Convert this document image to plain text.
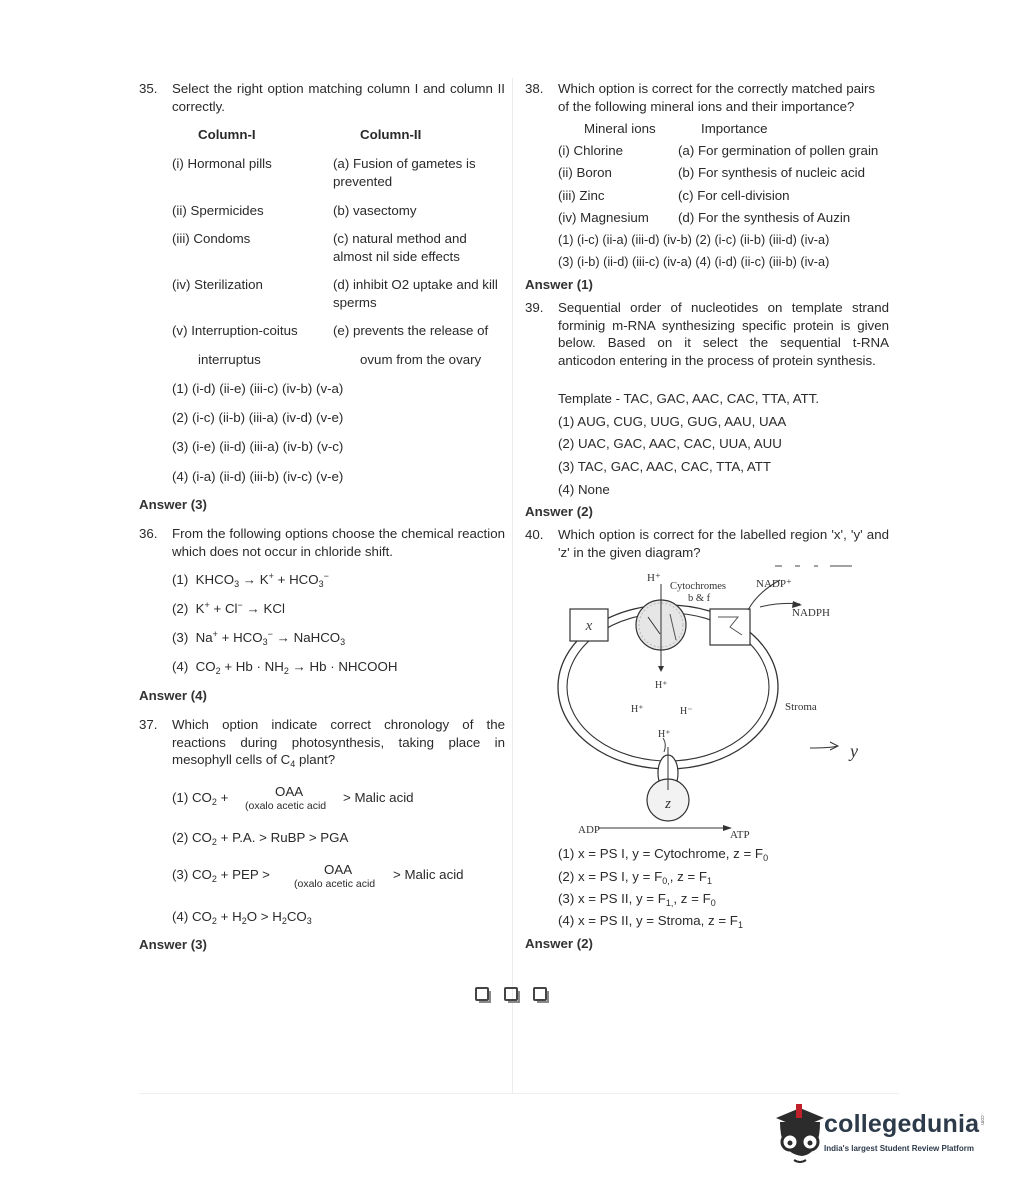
35.	Select the right option matching column I and column II correctly.
Column-I	Column-II
(i) Hormonal pills	(a) Fusion of gametes is prevented
(ii) Spermicides	(b) vasectomy
(iii) Condoms	(c) natural method and almost nil side effects
(iv) Sterilization	(d) inhibit O2 uptake and kill sperms
(v) Interruption-coitus	(e) prevents the release of
interruptus	ovum from the ovary
(1) (i-d) (ii-e) (iii-c) (iv-b) (v-a)
(2) (i-c) (ii-b) (iii-a) (iv-d) (v-e)
(3) (i-e) (ii-d) (iii-a) (iv-b) (v-c)
(4) (i-a) (ii-d) (iii-b) (iv-c) (v-e)
Answer (3)
36.	From the following options choose the chemical reaction which does not occur in chloride shift.
(1)  $KHCO_3 \to K^+ + HCO_3^-$
(2)  K+ + Cl− → KCl
(3)  $Na^+ + HCO_3^-$ → NaHCO$_3$
(4)  $CO_2 + Hb \cdot NH_2 \to Hb$ · NHCOOH
Answer (4)
37.	Which option indicate correct chronology of the reactions during photosynthesis, taking place in mesophyll cells of $C_4$ plant?
(1) $CO_2$ +	OAA
(oxalo acetic acid
> Malic acid
(2) $CO_2 + P.A$. > RuBP > PGA
(3) $CO_2$ + PEP >	OAA
(oxalo acetic acid
> Malic acid
(4) $CO_2 + H_2O > H_2CO_3$
Answer (3)
38.	Which option is correct for the correctly matched pairs of the following mineral ions and their importance?
Mineral ions	Importance
(i) Chlorine	(a) For germination of pollen grain
(ii) Boron	(b) For synthesis of nucleic acid
(iii) Zinc	(c) For cell-division
(iv) Magnesium (d) For the synthesis of Auzin
(1) (i-c) (ii-a) (iii-d) (iv-b) (2) (i-c) (ii-b) (iii-d) (iv-a)
(3) (i-b) (ii-d) (iii-c) (iv-a) (4) (i-d) (ii-c) (iii-b) (iv-a)
Answer (1)
39.	Sequential order of nucleotides on template strand forminig m-RNA synthesizing specific protein is given below. Based on it select the sequential t-RNA anticodon entering in the process of protein synthesis.
Template - TAC, GAC, AAC, CAC, TTA, ATT.
(1) AUG, CUG, UUG, GUG, AAU, UAA
(2) UAC, GAC, AAC, CAC, UUA, AUU
(3) TAC, GAC, AAC, CAC, TTA, ATT
(4) None
Answer (2)
40.	Which option is correct for the labelled region 'x', 'y' and 'z' in the given diagram?
(1) x = PS I, y = Cytochrome, $z = F_0$
(2) x = PS I, $y = F_{0,}$, $z = F_1$
(3) x = PS II, $y = F_{1,}$, $z = F_0$
(4) x = PS II, y = Stroma, $z = F_1$
Answer (2)
x
z
y
H⁺
Cytochromes
b & f
NADP⁺
NADPH
H⁺
H⁺	H⁻
H⁺
Stroma
ADP	ATP
collegedunia .com
India's largest Student Review Platform
